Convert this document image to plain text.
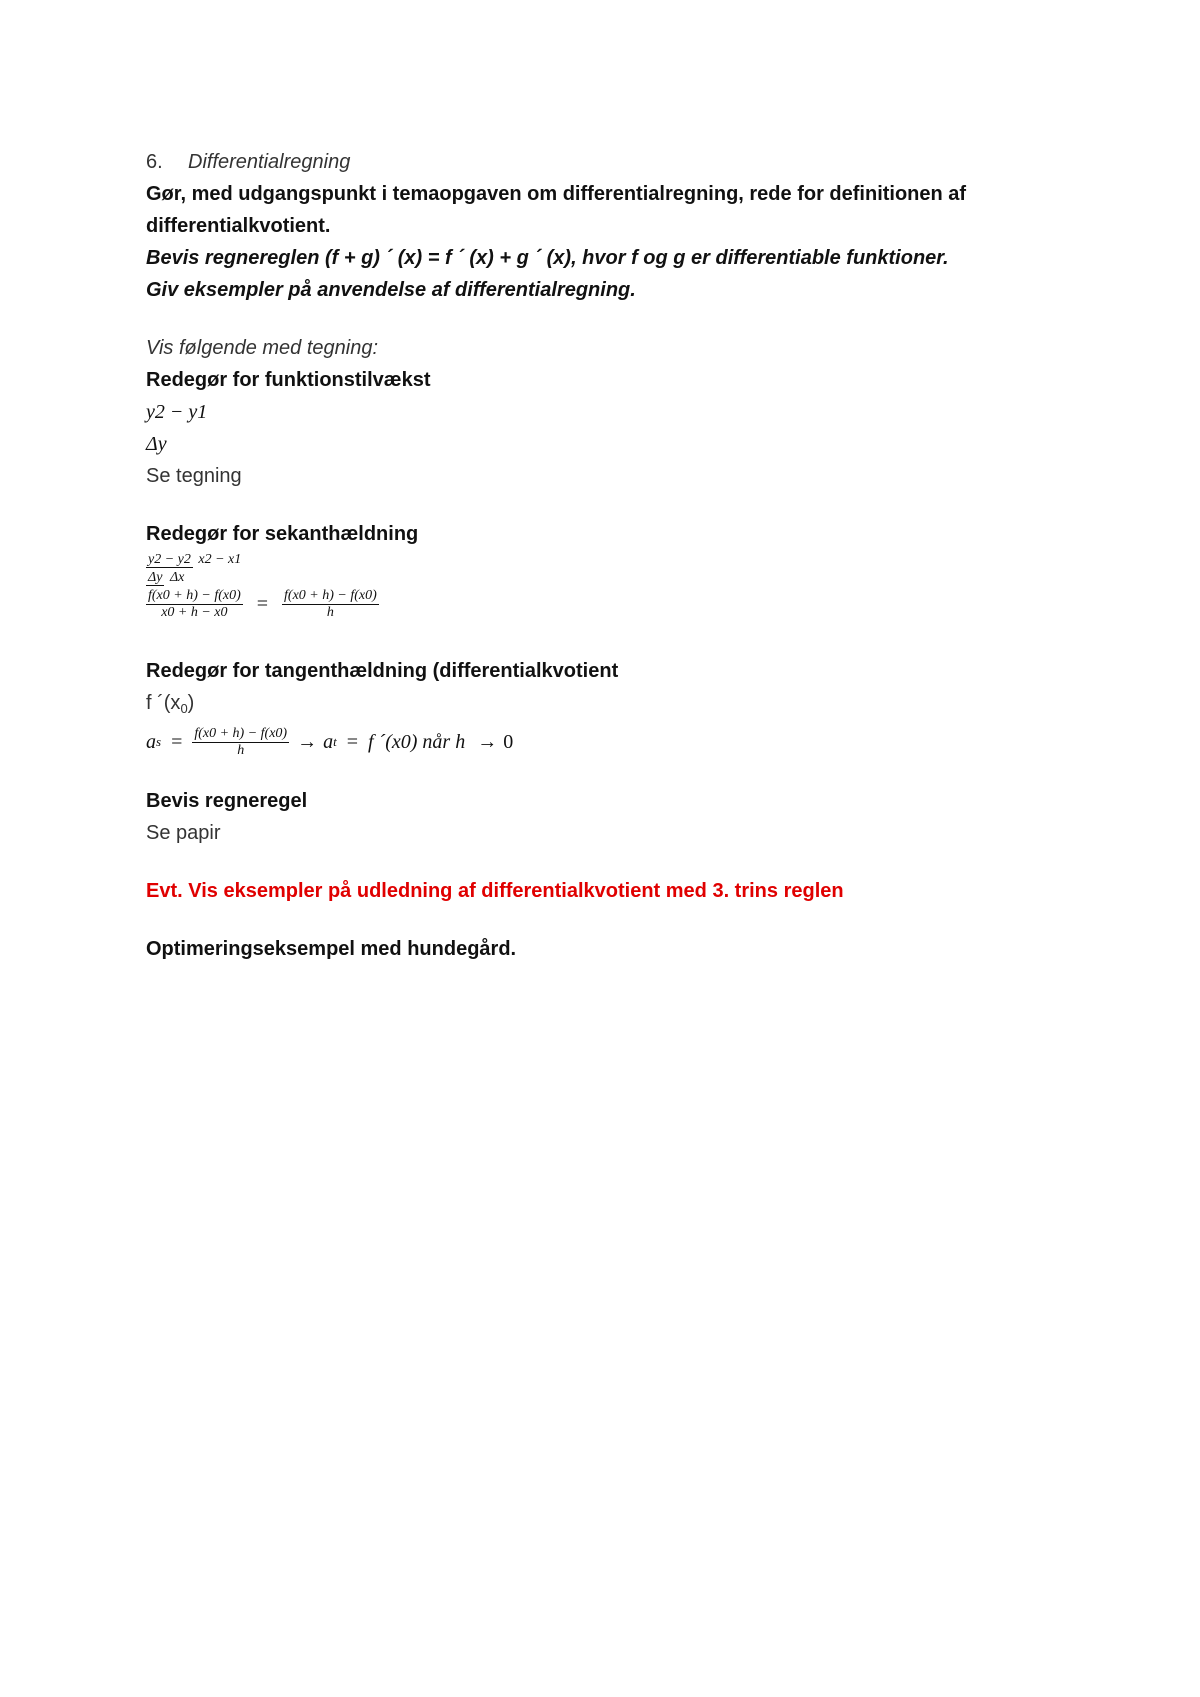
6. Differentialregning
Gør, med udgangspunkt i temaopgaven om differentialregning, rede for definitionen af
differentialkvotient.
Bevis regnereglen (f + g) ´ (x) = f ´ (x) + g ´ (x), hvor f og g er differentiable funktioner.
Giv eksempler på anvendelse af differentialregning.
Vis følgende med tegning:
Redegør for funktionstilvækst
y2 − y1
Δy
Se tegning
Redegør for sekanthældning
y2 − y2 x2 − x1
Δy Δx
$\frac{f(x0 + h) - f(x0)}{x0 + h - x0} = \frac{f(x0 + h) - f(x0)}{h}$
Redegør for tangenthældning (differentialkvotient
f $´(x_0)$
a $s = \frac{f(x0 + h) - f(x0)}{h} \to a$ t = f ´(x0) når h → 0
Bevis regneregel
Se papir
Evt. Vis eksempler på udledning af differentialkvotient med 3. trins reglen
Optimeringseksempel med hundegård.
